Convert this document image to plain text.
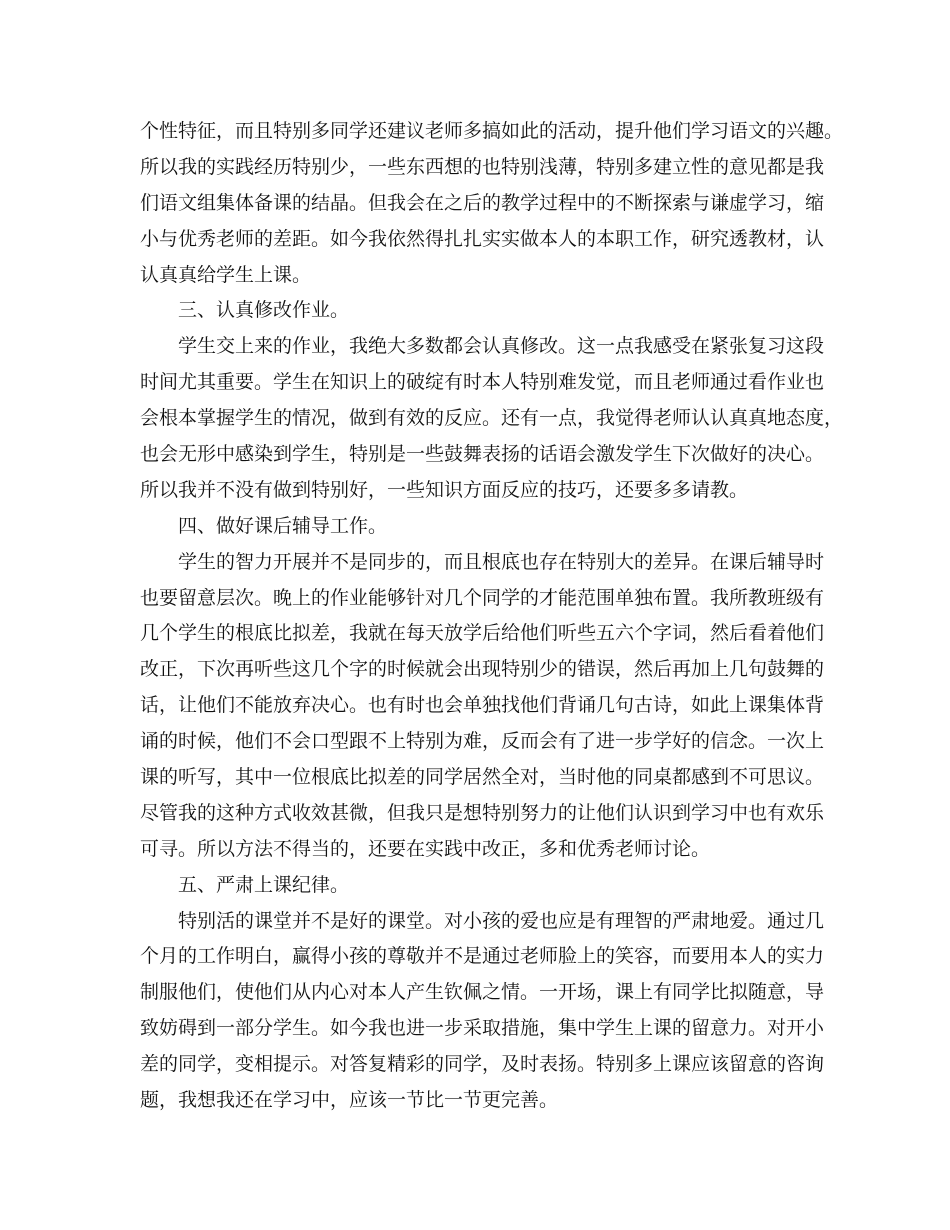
个性特征，而且特别多同学还建议老师多搞如此的活动，提升他们学习语文的兴趣。
所以我的实践经历特别少，一些东西想的也特别浅薄，特别多建立性的意见都是我
们语文组集体备课的结晶。但我会在之后的教学过程中的不断探索与谦虚学习，缩
小与优秀老师的差距。如今我依然得扎扎实实做本人的本职工作，研究透教材，认
认真真给学生上课。
三、认真修改作业。
学生交上来的作业，我绝大多数都会认真修改。这一点我感受在紧张复习这段
时间尤其重要。学生在知识上的破绽有时本人特别难发觉，而且老师通过看作业也
会根本掌握学生的情况，做到有效的反应。还有一点，我觉得老师认认真真地态度，
也会无形中感染到学生，特别是一些鼓舞表扬的话语会激发学生下次做好的决心。
所以我并不没有做到特别好，一些知识方面反应的技巧，还要多多请教。
四、做好课后辅导工作。
学生的智力开展并不是同步的，而且根底也存在特别大的差异。在课后辅导时
也要留意层次。晚上的作业能够针对几个同学的才能范围单独布置。我所教班级有
几个学生的根底比拟差，我就在每天放学后给他们听些五六个字词，然后看着他们
改正，下次再听些这几个字的时候就会出现特别少的错误，然后再加上几句鼓舞的
话，让他们不能放弃决心。也有时也会单独找他们背诵几句古诗，如此上课集体背
诵的时候，他们不会口型跟不上特别为难，反而会有了进一步学好的信念。一次上
课的听写，其中一位根底比拟差的同学居然全对，当时他的同桌都感到不可思议。
尽管我的这种方式收效甚微，但我只是想特别努力的让他们认识到学习中也有欢乐
可寻。所以方法不得当的，还要在实践中改正，多和优秀老师讨论。
五、严肃上课纪律。
特别活的课堂并不是好的课堂。对小孩的爱也应是有理智的严肃地爱。通过几
个月的工作明白，赢得小孩的尊敬并不是通过老师脸上的笑容，而要用本人的实力
制服他们，使他们从内心对本人产生钦佩之情。一开场，课上有同学比拟随意，导
致妨碍到一部分学生。如今我也进一步采取措施，集中学生上课的留意力。对开小
差的同学，变相提示。对答复精彩的同学，及时表扬。特别多上课应该留意的咨询
题，我想我还在学习中，应该一节比一节更完善。
